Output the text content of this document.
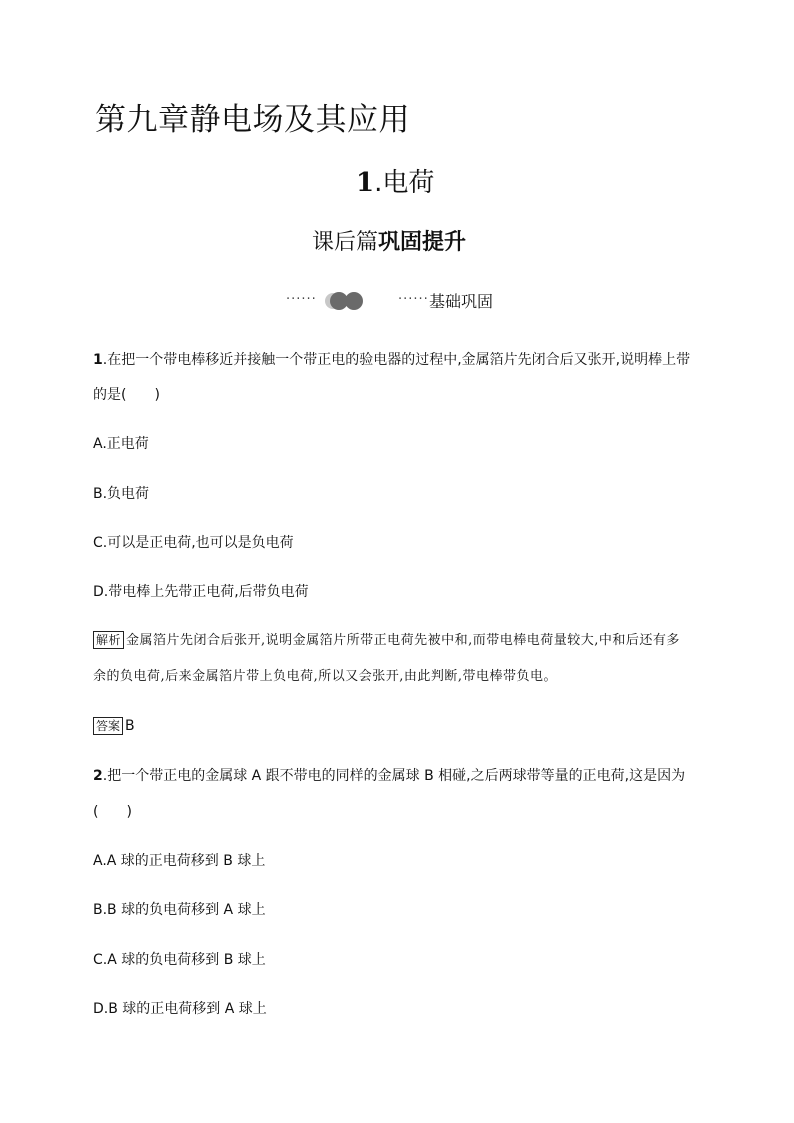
第九章静电场及其应用
1.电荷
课后篇巩固提升
······	······ 基础巩固
1.在把一个带电棒移近并接触一个带正电的验电器的过程中,金属箔片先闭合后又张开,说明棒上带
的是(　　)
A.正电荷
B.负电荷
C.可以是正电荷,也可以是负电荷
D.带电棒上先带正电荷,后带负电荷
解析 金属箔片先闭合后张开,说明金属箔片所带正电荷先被中和,而带电棒电荷量较大,中和后还有多
余的负电荷,后来金属箔片带上负电荷,所以又会张开,由此判断,带电棒带负电。
答案 B
2.把一个带正电的金属球 A 跟不带电的同样的金属球 B 相碰,之后两球带等量的正电荷,这是因为
(　　)
A.A 球的正电荷移到 B 球上
B.B 球的负电荷移到 A 球上
C.A 球的负电荷移到 B 球上
D.B 球的正电荷移到 A 球上
